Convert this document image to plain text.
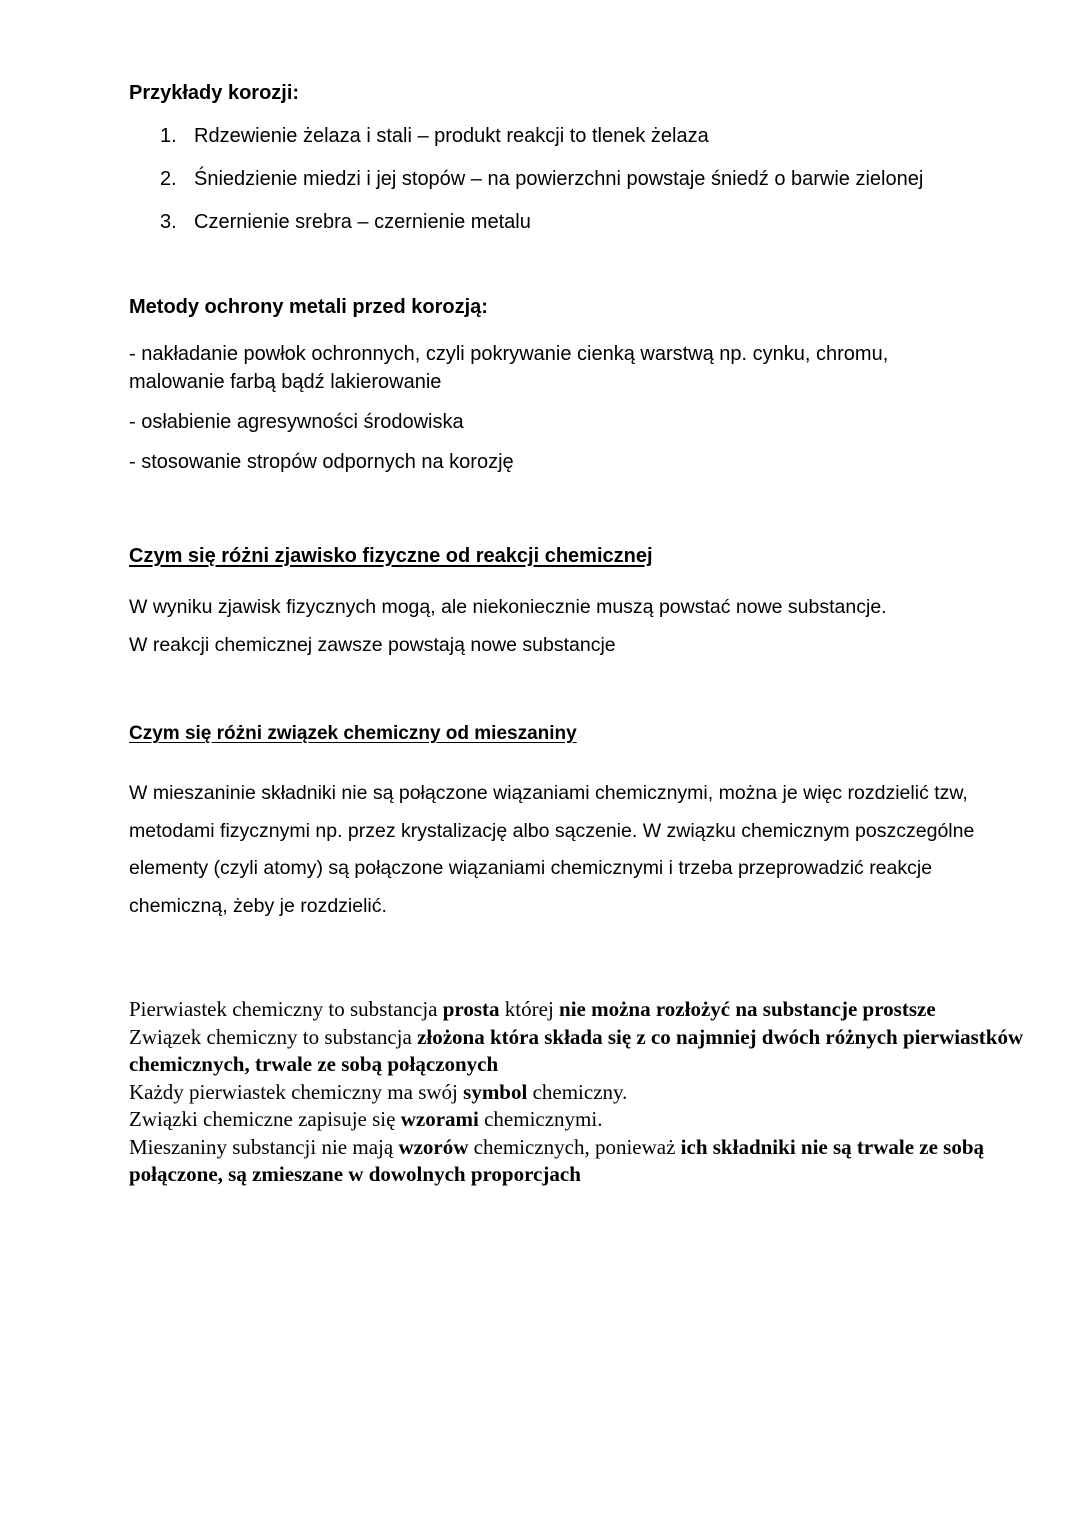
Przykłady korozji:
1. Rdzewienie żelaza i stali – produkt reakcji to tlenek żelaza
2. Śniedzienie miedzi i jej stopów – na powierzchni powstaje śniedź o barwie zielonej
3. Czernienie srebra – czernienie metalu
Metody ochrony metali przed korozją:

- nakładanie powłok ochronnych, czyli pokrywanie cienką warstwą np. cynku, chromu, malowanie farbą bądź lakierowanie

- osłabienie agresywności środowiska

- stosowanie stropów odpornych na korozję

Czym się różni zjawisko fizyczne od reakcji chemicznej

W wyniku zjawisk fizycznych mogą, ale niekoniecznie muszą powstać nowe substancje.

W reakcji chemicznej zawsze powstają nowe substancje

Czym się różni związek chemiczny od mieszaniny

W mieszaninie składniki nie są połączone wiązaniami chemicznymi, można je więc rozdzielić tzw, metodami fizycznymi np. przez krystalizację albo sączenie. W związku chemicznym poszczególne elementy (czyli atomy) są połączone wiązaniami chemicznymi i trzeba przeprowadzić reakcje chemiczną, żeby je rozdzielić.

Pierwiastek chemiczny to substancja prosta której nie można rozłożyć na substancje prostsze

Związek chemiczny to substancja złożona która składa się z co najmniej dwóch różnych pierwiastków chemicznych, trwale ze sobą połączonych

Każdy pierwiastek chemiczny ma swój symbol chemiczny.

Związki chemiczne zapisuje się wzorami chemicznymi.

Mieszaniny substancji nie mają wzorów chemicznych, ponieważ ich składniki nie są trwale ze sobą połączone, są zmieszane w dowolnych proporcjach
